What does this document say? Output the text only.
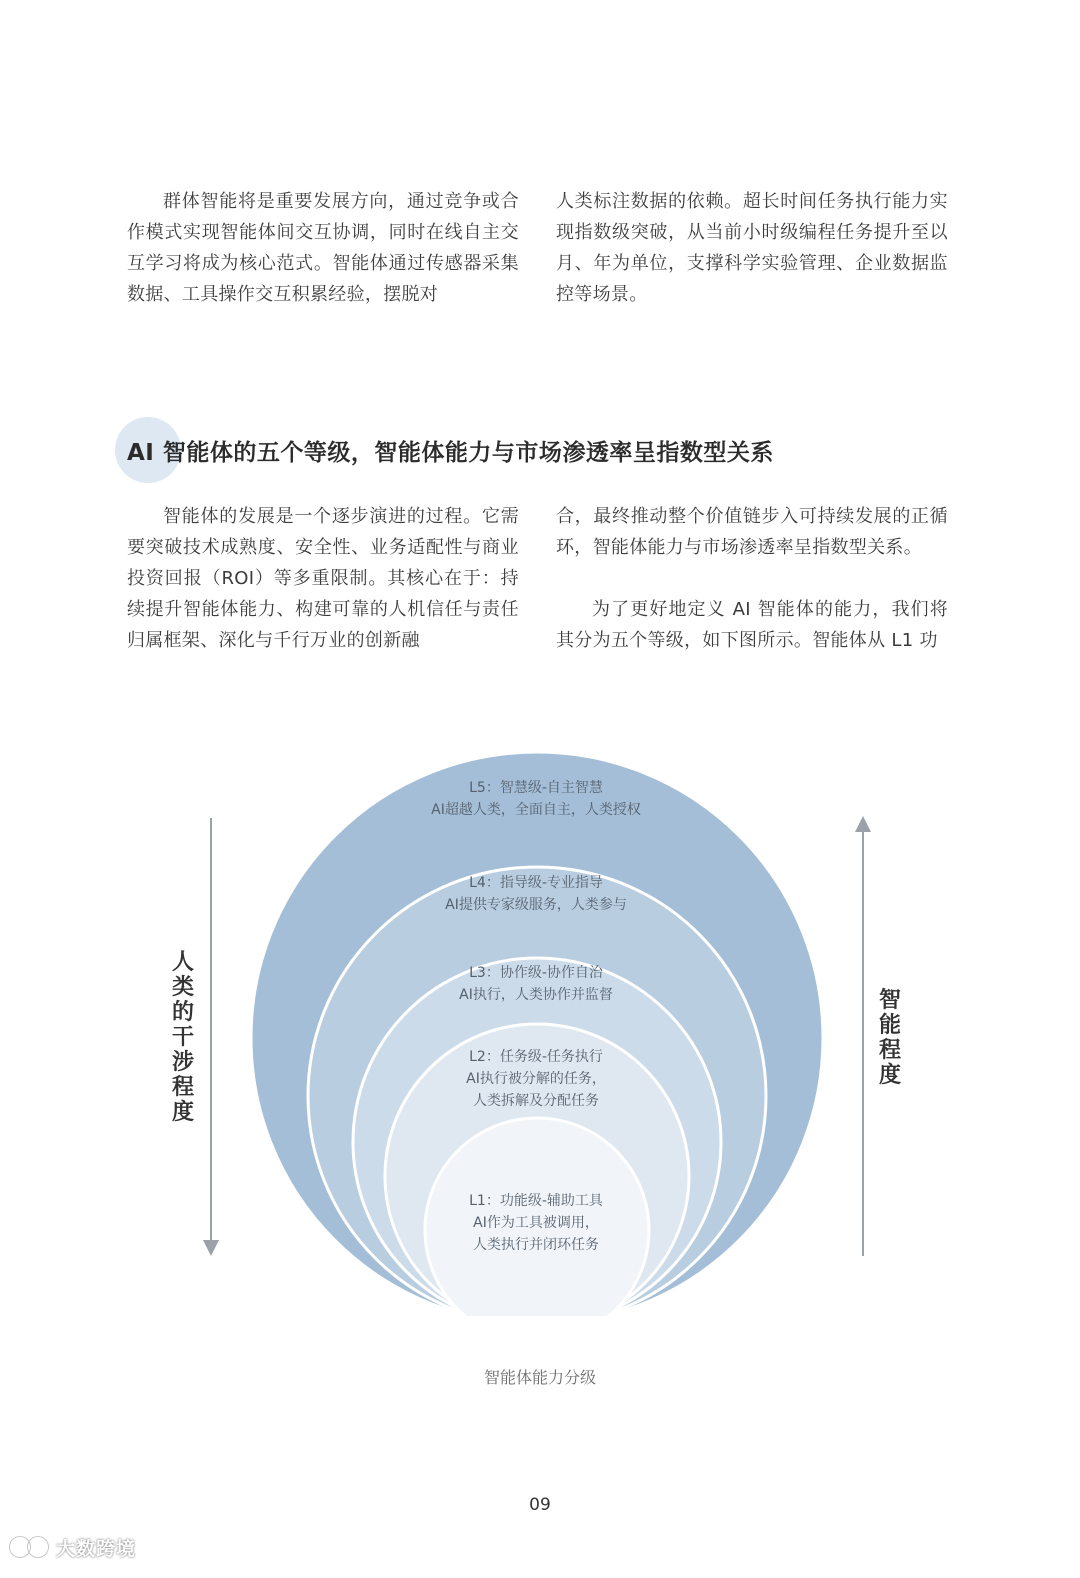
群体智能将是重要发展方向，通过竞争或合作模式实现智能体间交互协调，同时在线自主交互学习将成为核心范式。智能体通过传感器采集数据、工具操作交互积累经验，摆脱对

人类标注数据的依赖。超长时间任务执行能力实现指数级突破，从当前小时级编程任务提升至以月、年为单位，支撑科学实验管理、企业数据监控等场景。

AI 智能体的五个等级，智能体能力与市场渗透率呈指数型关系

智能体的发展是一个逐步演进的过程。它需要突破技术成熟度、安全性、业务适配性与商业投资回报（ROI）等多重限制。其核心在于：持续提升智能体能力、构建可靠的人机信任与责任归属框架、深化与千行万业的创新融

合，最终推动整个价值链步入可持续发展的正循环，智能体能力与市场渗透率呈指数型关系。

为了更好地定义 AI 智能体的能力，我们将其分为五个等级，如下图所示。智能体从 L1 功

L5：智慧级-自主智慧
AI超越人类，全面自主，人类授权
L4：指导级-专业指导
AI提供专家级服务，人类参与
L3：协作级-协作自治
AI执行，人类协作并监督
L2：任务级-任务执行
AI执行被分解的任务，
人类拆解及分配任务
L1：功能级-辅助工具
AI作为工具被调用，
人类执行并闭环任务
人类的干涉程度
智能程度
智能体能力分级
09
大数跨境
